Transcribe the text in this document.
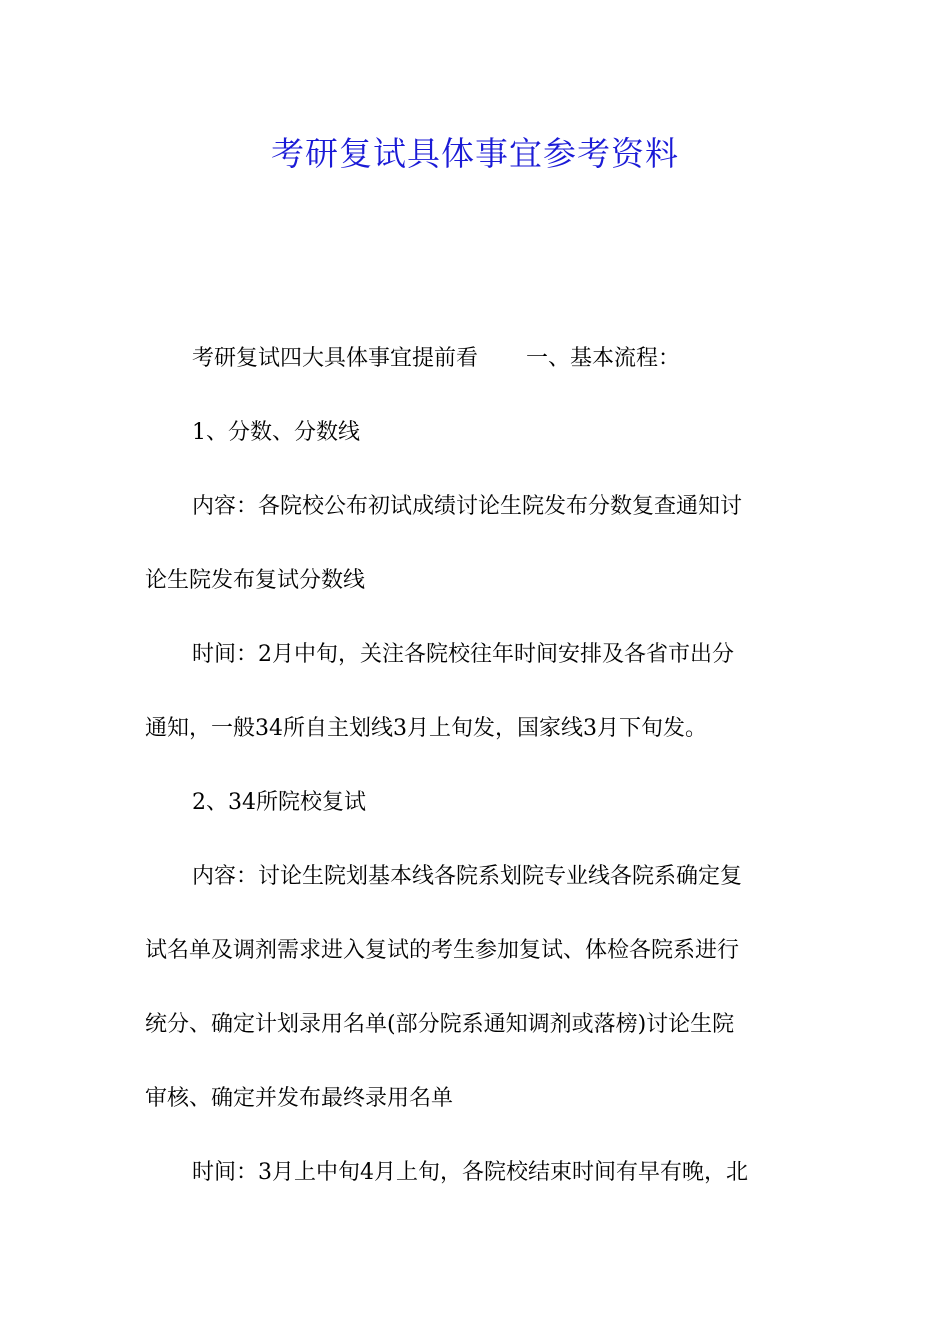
考研复试具体事宜参考资料
考研复试四大具体事宜提前看 一、基本流程：
1、分数、分数线
内容：各院校公布初试成绩讨论生院发布分数复查通知讨
论生院发布复试分数线
时间：2月中旬，关注各院校往年时间安排及各省市出分
通知，一般34所自主划线3月上旬发，国家线3月下旬发。
2、34所院校复试
内容：讨论生院划基本线各院系划院专业线各院系确定复
试名单及调剂需求进入复试的考生参加复试、体检各院系进行
统分、确定计划录用名单(部分院系通知调剂或落榜)讨论生院
审核、确定并发布最终录用名单
时间：3月上中旬4月上旬，各院校结束时间有早有晚，北
